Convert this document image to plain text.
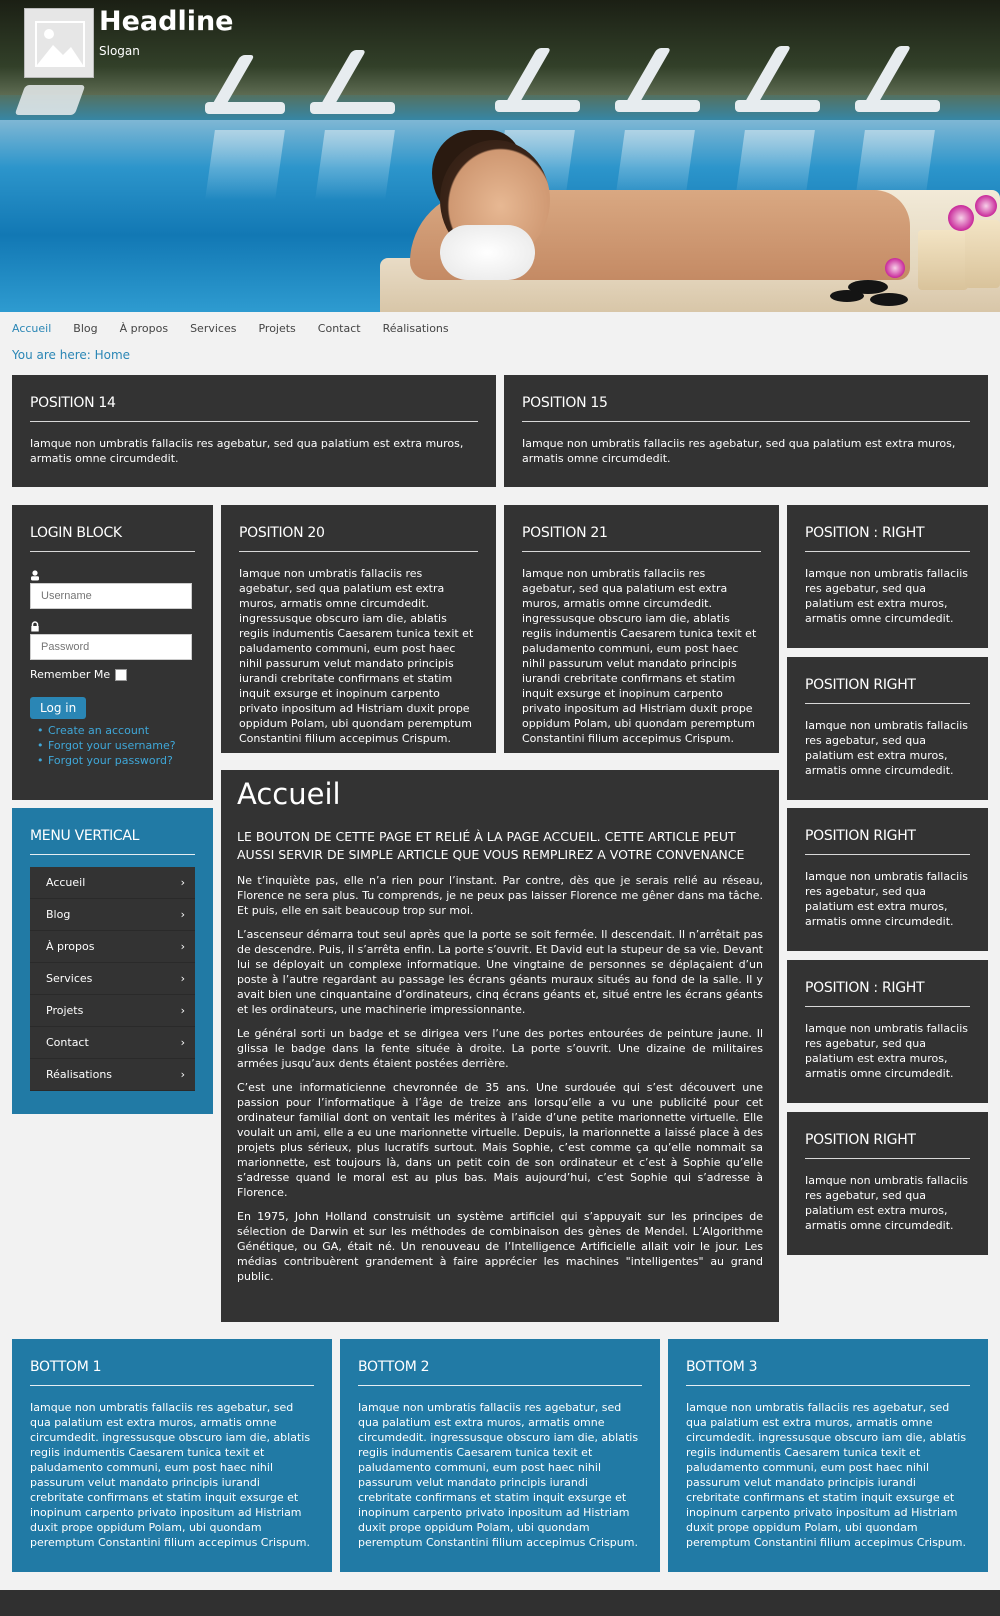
Headline
Slogan
Accueil Blog À propos Services Projets Contact Réalisations
You are here: Home
POSITION 14

Iamque non umbratis fallaciis res agebatur, sed qua palatium est extra muros, armatis omne circumdedit.

POSITION 15

Iamque non umbratis fallaciis res agebatur, sed qua palatium est extra muros, armatis omne circumdedit.

LOGIN BLOCK
Username
Remember Me
Log in
• Create an account
• Forgot your username?
• Forgot your password?
MENU VERTICAL
Accueil	›
Blog	›
À propos	›
Services	›
Projets	›
Contact	›
Réalisations	›
POSITION 20

Iamque non umbratis fallaciis res agebatur, sed qua palatium est extra muros, armatis omne circumdedit. ingressusque obscuro iam die, ablatis regiis indumentis Caesarem tunica texit et paludamento communi, eum post haec nihil passurum velut mandato principis iurandi crebritate confirmans et statim inquit exsurge et inopinum carpento privato inpositum ad Histriam duxit prope oppidum Polam, ubi quondam peremptum Constantini filium accepimus Crispum.

POSITION 21

Iamque non umbratis fallaciis res agebatur, sed qua palatium est extra muros, armatis omne circumdedit. ingressusque obscuro iam die, ablatis regiis indumentis Caesarem tunica texit et paludamento communi, eum post haec nihil passurum velut mandato principis iurandi crebritate confirmans et statim inquit exsurge et inopinum carpento privato inpositum ad Histriam duxit prope oppidum Polam, ubi quondam peremptum Constantini filium accepimus Crispum.

Accueil
LE BOUTON DE CETTE PAGE ET RELIÉ À LA PAGE ACCUEIL. CETTE ARTICLE PEUT AUSSI SERVIR DE SIMPLE ARTICLE QUE VOUS REMPLIREZ A VOTRE CONVENANCE

Ne t’inquiète pas, elle n’a rien pour l’instant. Par contre, dès que je serais relié au réseau, Florence ne sera plus. Tu comprends, je ne peux pas laisser Florence me gêner dans ma tâche. Et puis, elle en sait beaucoup trop sur moi.

L’ascenseur démarra tout seul après que la porte se soit fermée. Il descendait. Il n’arrêtait pas de descendre. Puis, il s’arrêta enfin. La porte s’ouvrit. Et David eut la stupeur de sa vie. Devant lui se déployait un complexe informatique. Une vingtaine de personnes se déplaçaient d’un poste à l’autre regardant au passage les écrans géants muraux situés au fond de la salle. Il y avait bien une cinquantaine d’ordinateurs, cinq écrans géants et, situé entre les écrans géants et les ordinateurs, une machinerie impressionnante.

Le général sorti un badge et se dirigea vers l’une des portes entourées de peinture jaune. Il glissa le badge dans la fente située à droite. La porte s’ouvrit. Une dizaine de militaires armées jusqu’aux dents étaient postées derrière.

C’est une informaticienne chevronnée de 35 ans. Une surdouée qui s’est découvert une passion pour l’informatique à l’âge de treize ans lorsqu’elle a vu une publicité pour cet ordinateur familial dont on ventait les mérites à l’aide d’une petite marionnette virtuelle. Elle voulait un ami, elle a eu une marionnette virtuelle. Depuis, la marionnette a laissé place à des projets plus sérieux, plus lucratifs surtout. Mais Sophie, c’est comme ça qu’elle nommait sa marionnette, est toujours là, dans un petit coin de son ordinateur et c’est à Sophie qu’elle s’adresse quand le moral est au plus bas. Mais aujourd’hui, c’est Sophie qui s’adresse à Florence.

En 1975, John Holland construisit un système artificiel qui s’appuyait sur les principes de sélection de Darwin et sur les méthodes de combinaison des gènes de Mendel. L’Algorithme Génétique, ou GA, était né. Un renouveau de l’Intelligence Artificielle allait voir le jour. Les médias contribuèrent grandement à faire apprécier les machines "intelligentes" au grand public.

POSITION : RIGHT

Iamque non umbratis fallaciis res agebatur, sed qua palatium est extra muros, armatis omne circumdedit.

POSITION RIGHT

Iamque non umbratis fallaciis res agebatur, sed qua palatium est extra muros, armatis omne circumdedit.

POSITION RIGHT

Iamque non umbratis fallaciis res agebatur, sed qua palatium est extra muros, armatis omne circumdedit.

POSITION : RIGHT

Iamque non umbratis fallaciis res agebatur, sed qua palatium est extra muros, armatis omne circumdedit.

POSITION RIGHT

Iamque non umbratis fallaciis res agebatur, sed qua palatium est extra muros, armatis omne circumdedit.

BOTTOM 1

Iamque non umbratis fallaciis res agebatur, sed qua palatium est extra muros, armatis omne circumdedit. ingressusque obscuro iam die, ablatis regiis indumentis Caesarem tunica texit et paludamento communi, eum post haec nihil passurum velut mandato principis iurandi crebritate confirmans et statim inquit exsurge et inopinum carpento privato inpositum ad Histriam duxit prope oppidum Polam, ubi quondam peremptum Constantini filium accepimus Crispum.

BOTTOM 2

Iamque non umbratis fallaciis res agebatur, sed qua palatium est extra muros, armatis omne circumdedit. ingressusque obscuro iam die, ablatis regiis indumentis Caesarem tunica texit et paludamento communi, eum post haec nihil passurum velut mandato principis iurandi crebritate confirmans et statim inquit exsurge et inopinum carpento privato inpositum ad Histriam duxit prope oppidum Polam, ubi quondam peremptum Constantini filium accepimus Crispum.

BOTTOM 3

Iamque non umbratis fallaciis res agebatur, sed qua palatium est extra muros, armatis omne circumdedit. ingressusque obscuro iam die, ablatis regiis indumentis Caesarem tunica texit et paludamento communi, eum post haec nihil passurum velut mandato principis iurandi crebritate confirmans et statim inquit exsurge et inopinum carpento privato inpositum ad Histriam duxit prope oppidum Polam, ubi quondam peremptum Constantini filium accepimus Crispum.
